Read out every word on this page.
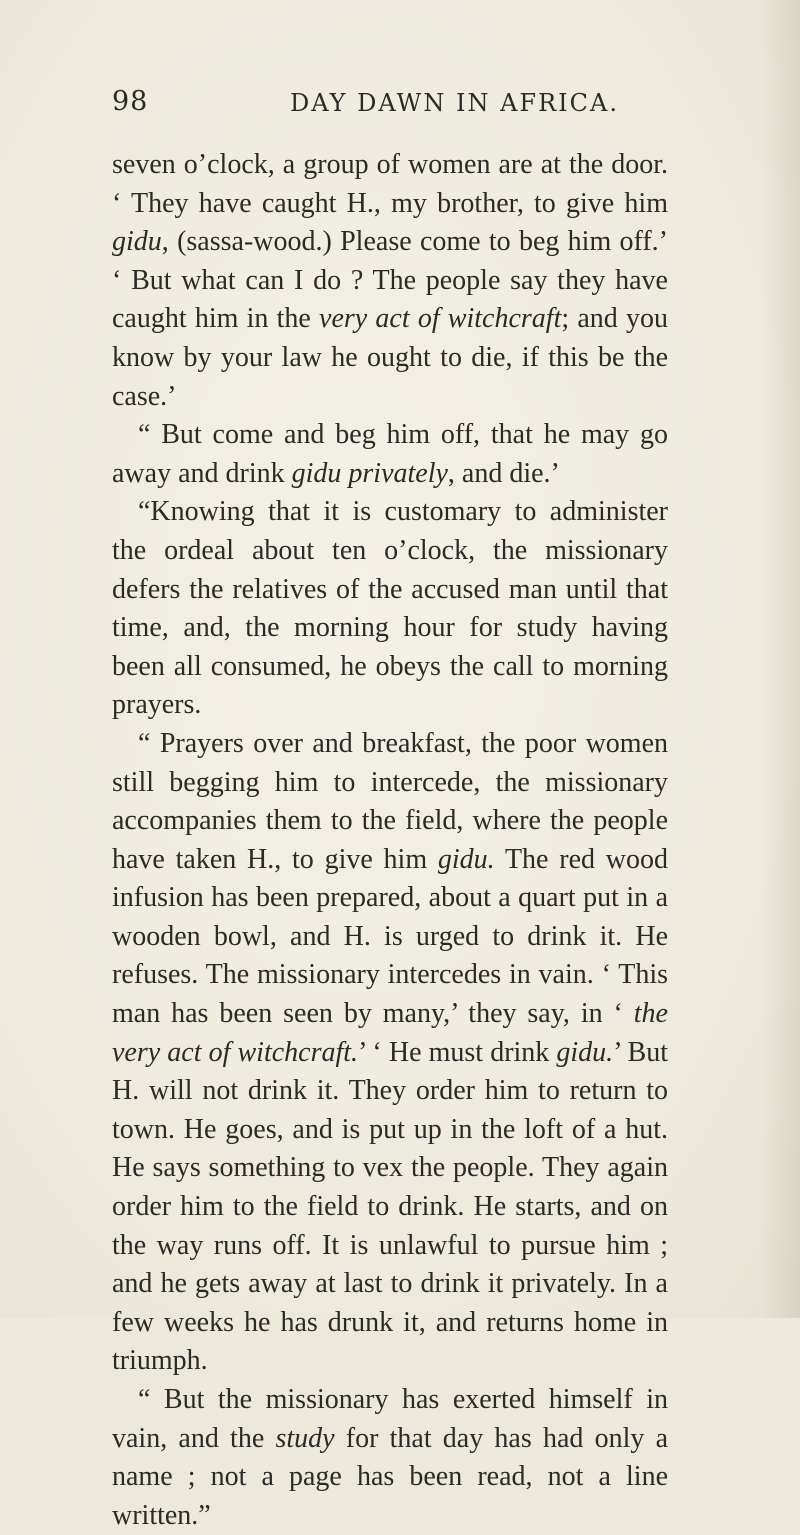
98	DAY DAWN IN AFRICA.

seven o’clock, a group of women are at the door. ‘ They have caught H., my brother, to give him gidu, (sassa-wood.) Please come to beg him off.’ ‘ But what can I do ? The people say they have caught him in the very act of witchcraft; and you know by your law he ought to die, if this be the case.’

“ But come and beg him off, that he may go away and drink gidu privately, and die.’

“Knowing that it is customary to administer the ordeal about ten o’clock, the missionary defers the relatives of the accused man until that time, and, the morning hour for study having been all consumed, he obeys the call to morning prayers.

“ Prayers over and breakfast, the poor women still begging him to intercede, the missionary accompanies them to the field, where the people have taken H., to give him gidu. The red wood infusion has been prepared, about a quart put in a wooden bowl, and H. is urged to drink it. He refuses. The missionary intercedes in vain. ‘ This man has been seen by many,’ they say, in ‘ the very act of witchcraft.’ ‘ He must drink gidu.’ But H. will not drink it. They order him to return to town. He goes, and is put up in the loft of a hut. He says something to vex the people. They again order him to the field to drink. He starts, and on the way runs off. It is unlawful to pursue him ; and he gets away at last to drink it privately. In a few weeks he has drunk it, and returns home in triumph.

“ But the missionary has exerted himself in vain, and the study for that day has had only a name ; not a page has been read, not a line written.”
